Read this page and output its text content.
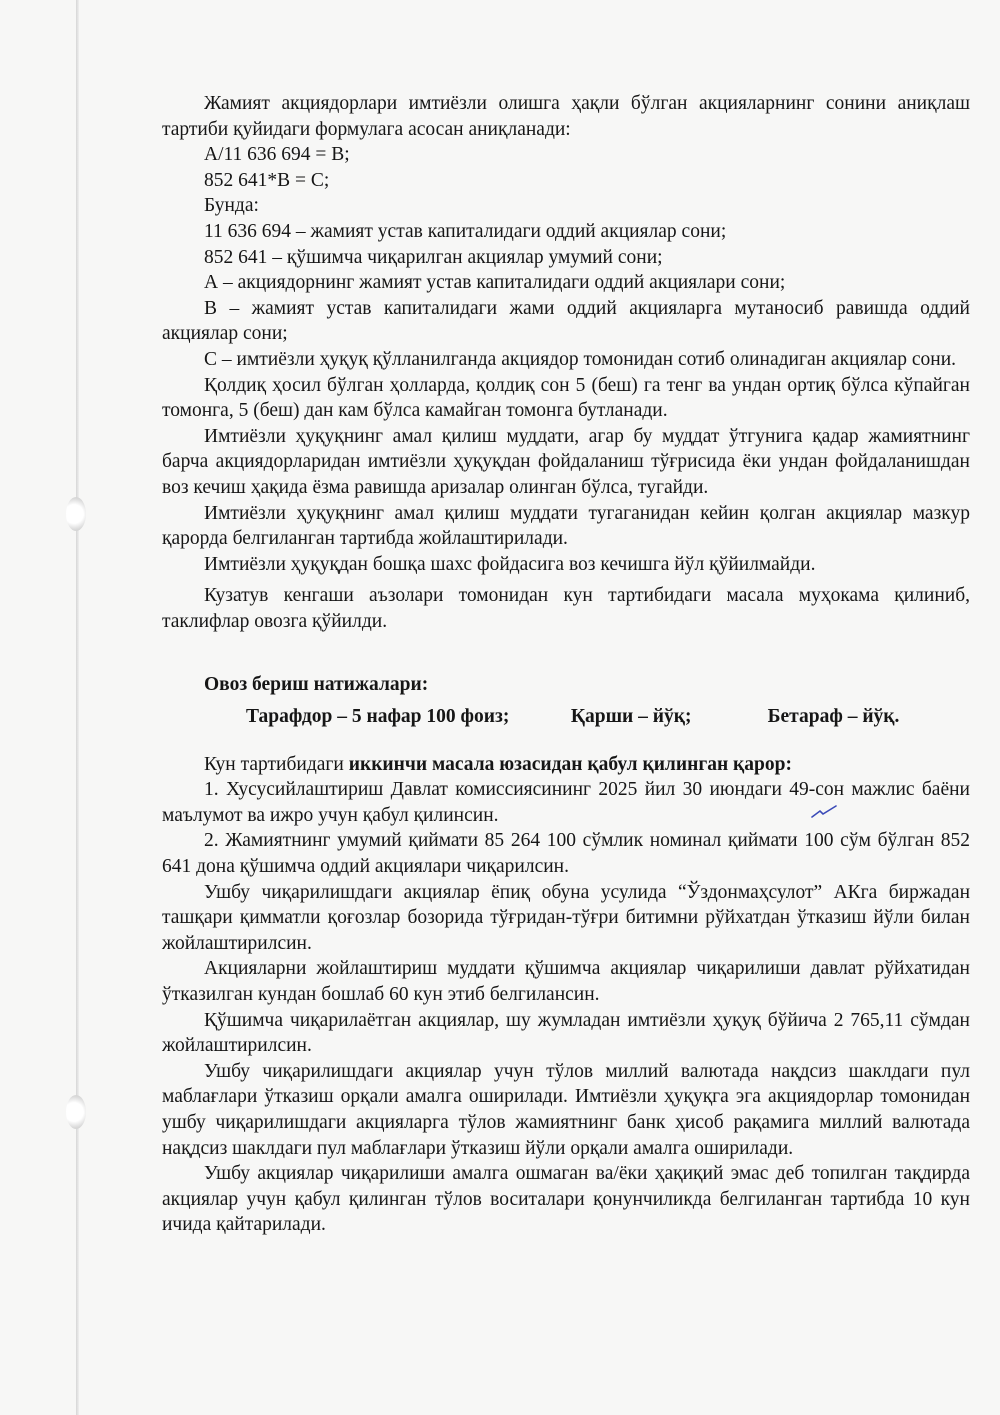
Жамият акциядорлари имтиёзли олишга ҳақли бўлган акцияларнинг сонини аниқлаш тартиби қуйидаги формулага асосан аниқланади:

А/11 636 694 = В;

852 641*В = С;

Бунда:

11 636 694 – жамият устав капиталидаги оддий акциялар сони;

852 641 – қўшимча чиқарилган акциялар умумий сони;

А – акциядорнинг жамият устав капиталидаги оддий акциялари сони;

В – жамият устав капиталидаги жами оддий акцияларга мутаносиб равишда оддий акциялар сони;

С – имтиёзли ҳуқуқ қўлланилганда акциядор томонидан сотиб олинадиган акциялар сони.

Қолдиқ ҳосил бўлган ҳолларда, қолдиқ сон 5 (беш) га тенг ва ундан ортиқ бўлса кўпайган томонга, 5 (беш) дан кам бўлса камайган томонга бутланади.

Имтиёзли ҳуқуқнинг амал қилиш муддати, агар бу муддат ўтгунига қадар жамиятнинг барча акциядорларидан имтиёзли ҳуқуқдан фойдаланиш тўғрисида ёки ундан фойдаланишдан воз кечиш ҳақида ёзма равишда аризалар олинган бўлса, тугайди.

Имтиёзли ҳуқуқнинг амал қилиш муддати тугаганидан кейин қолган акциялар мазкур қарорда белгиланган тартибда жойлаштирилади.

Имтиёзли ҳуқуқдан бошқа шахс фойдасига воз кечишга йўл қўйилмайди.

Кузатув кенгаши аъзолари томонидан кун тартибидаги масала муҳокама қилиниб, таклифлар овозга қўйилди.

Овоз бериш натижалари:

Тарафдор – 5 нафар 100 фоиз;	Қарши – йўқ;	Бетараф – йўқ.

Кун тартибидаги иккинчи масала юзасидан қабул қилинган қарор:

1. Хусусийлаштириш Давлат комиссиясининг 2025 йил 30 июндаги 49-сон мажлис баёни маълумот ва ижро учун қабул қилинсин.

2. Жамиятнинг умумий қиймати 85 264 100 сўмлик номинал қиймати 100 сўм бўлган 852 641 дона қўшимча оддий акциялари чиқарилсин.

Ушбу чиқарилишдаги акциялар ёпиқ обуна усулида “Ўздонмаҳсулот” АКга биржадан ташқари қимматли қоғозлар бозорида тўғридан-тўғри битимни рўйхатдан ўтказиш йўли билан жойлаштирилсин.

Акцияларни жойлаштириш муддати қўшимча акциялар чиқарилиши давлат рўйхатидан ўтказилган кундан бошлаб 60 кун этиб белгилансин.

Қўшимча чиқарилаётган акциялар, шу жумладан имтиёзли ҳуқуқ бўйича 2 765,11 сўмдан жойлаштирилсин.

Ушбу чиқарилишдаги акциялар учун тўлов миллий валютада нақдсиз шаклдаги пул маблағлари ўтказиш орқали амалга оширилади. Имтиёзли ҳуқуқга эга акциядорлар томонидан ушбу чиқарилишдаги акцияларга тўлов жамиятнинг банк ҳисоб рақамига миллий валютада нақдсиз шаклдаги пул маблағлари ўтказиш йўли орқали амалга оширилади.

Ушбу акциялар чиқарилиши амалга ошмаган ва/ёки ҳақиқий эмас деб топилган тақдирда акциялар учун қабул қилинган тўлов воситалари қонунчиликда белгиланган тартибда 10 кун ичида қайтарилади.
